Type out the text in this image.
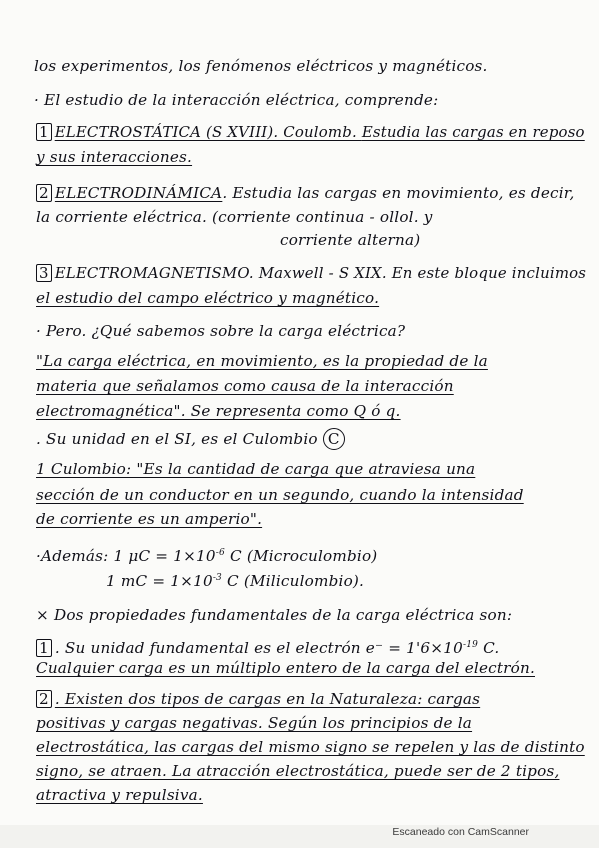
los experimentos, los fenómenos eléctricos y magnéticos.
· El estudio de la interacción eléctrica, comprende:
1 ELECTROSTÁTICA (S XVIII). Coulomb. Estudia las cargas en reposo
y sus interacciones.
2 ELECTRODINÁMICA. Estudia las cargas en movimiento, es decir,
la corriente eléctrica. (corriente continua - ollol. y
corriente alterna)
3 ELECTROMAGNETISMO. Maxwell - S XIX. En este bloque incluimos
el estudio del campo eléctrico y magnético.
· Pero. ¿Qué sabemos sobre la carga eléctrica?
"La carga eléctrica, en movimiento, es la propiedad de la
materia que señalamos como causa de la interacción
electromagnética". Se representa como Q ó q.
. Su unidad en el SI, es el Culombio C
1 Culombio: "Es la cantidad de carga que atraviesa una
sección de un conductor en un segundo, cuando la intensidad
de corriente es un amperio".
·Además: 1 $\mu C = 1\times 10^{-6}$ C (Microculombio)
1 mC = $1\times 10^{-3}$ C (Miliculombio).
× Dos propiedades fundamentales de la carga eléctrica son:
1 . Su unidad fundamental es el electrón $e^- = 1'6\times 10^{-19}$ C.
Cualquier carga es un múltiplo entero de la carga del electrón.
2 . Existen dos tipos de cargas en la Naturaleza: cargas
positivas y cargas negativas. Según los principios de la
electrostática, las cargas del mismo signo se repelen y las de distinto
signo, se atraen. La atracción electrostática, puede ser de 2 tipos,
atractiva y repulsiva.
Escaneado con CamScanner
